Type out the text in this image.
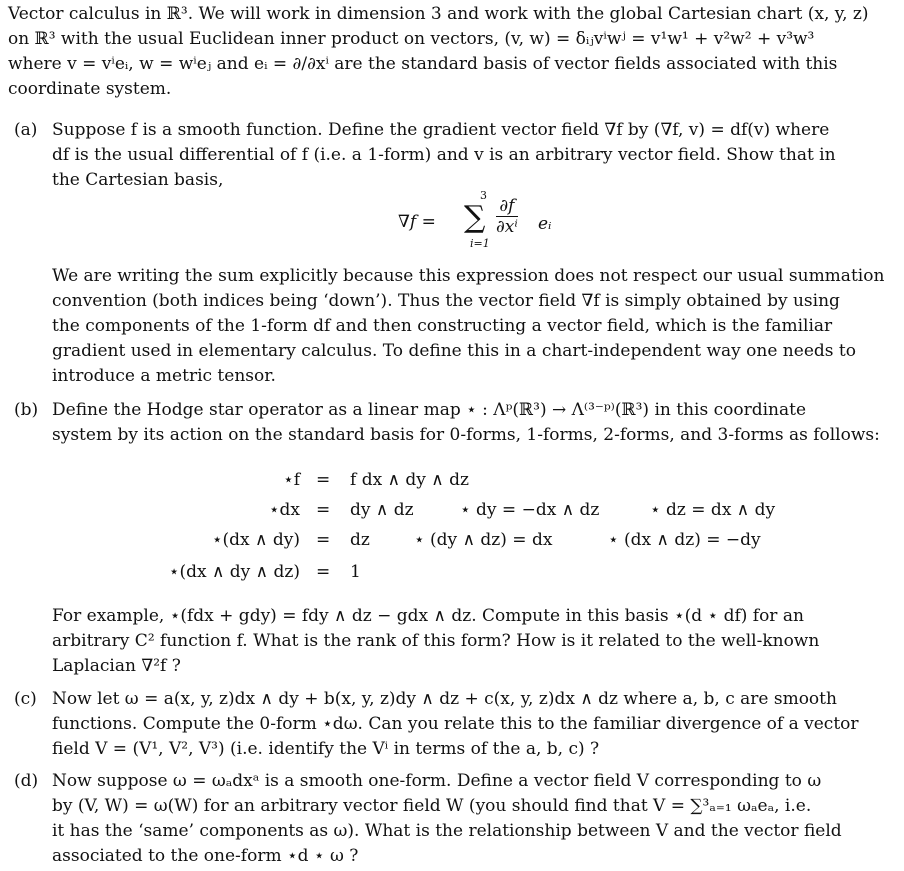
Vector calculus in ℝ³. We will work in dimension 3 and work with the global Cartesian chart (x, y, z)

on ℝ³ with the usual Euclidean inner product on vectors, (v, w) = δᵢⱼvⁱwʲ = v¹w¹ + v²w² + v³w³

where v = vⁱeᵢ, w = wⁱeⱼ and eᵢ = ∂/∂xⁱ are the standard basis of vector fields associated with this

coordinate system.

(a) Suppose f is a smooth function. Define the gradient vector field ∇f by (∇f, v) = df(v) where

df is the usual differential of f (i.e. a 1-form) and v is an arbitrary vector field. Show that in

the Cartesian basis,

∇f =
3
∑
i=1
$\frac{\partial f}{\text{∂xⁱ}}$ eᵢ

We are writing the sum explicitly because this expression does not respect our usual summation

convention (both indices being ‘down’). Thus the vector field ∇f is simply obtained by using

the components of the 1-form df and then constructing a vector field, which is the familiar

gradient used in elementary calculus. To define this in a chart-independent way one needs to

introduce a metric tensor.

(b) Define the Hodge star operator as a linear map ⋆ : Λᵖ(ℝ³) → Λ⁽³⁻ᵖ⁾(ℝ³) in this coordinate

system by its action on the standard basis for 0-forms, 1-forms, 2-forms, and 3-forms as follows:

⋆f = f dx ∧ dy ∧ dz
⋆dx = dy ∧ dz	⋆ dy = −dx ∧ dz	⋆ dz = dx ∧ dy
⋆(dx ∧ dy) = dz	⋆ (dy ∧ dz) = dx	⋆ (dx ∧ dz) = −dy
⋆(dx ∧ dy ∧ dz) = 1

For example, ⋆(fdx + gdy) = fdy ∧ dz − gdx ∧ dz. Compute in this basis ⋆(d ⋆ df) for an

arbitrary C² function f. What is the rank of this form? How is it related to the well-known

Laplacian ∇²f ?

(c) Now let ω = a(x, y, z)dx ∧ dy + b(x, y, z)dy ∧ dz + c(x, y, z)dx ∧ dz where a, b, c are smooth

functions. Compute the 0-form ⋆dω. Can you relate this to the familiar divergence of a vector

field V = (V¹, V², V³) (i.e. identify the Vⁱ in terms of the a, b, c) ?

(d) Now suppose ω = ωₐdxᵃ is a smooth one-form. Define a vector field V corresponding to ω

by (V, W) = ω(W) for an arbitrary vector field W (you should find that V = ∑³ₐ₌₁ ωₐeₐ, i.e.

it has the ‘same’ components as ω). What is the relationship between V and the vector field

associated to the one-form ⋆d ⋆ ω ?
